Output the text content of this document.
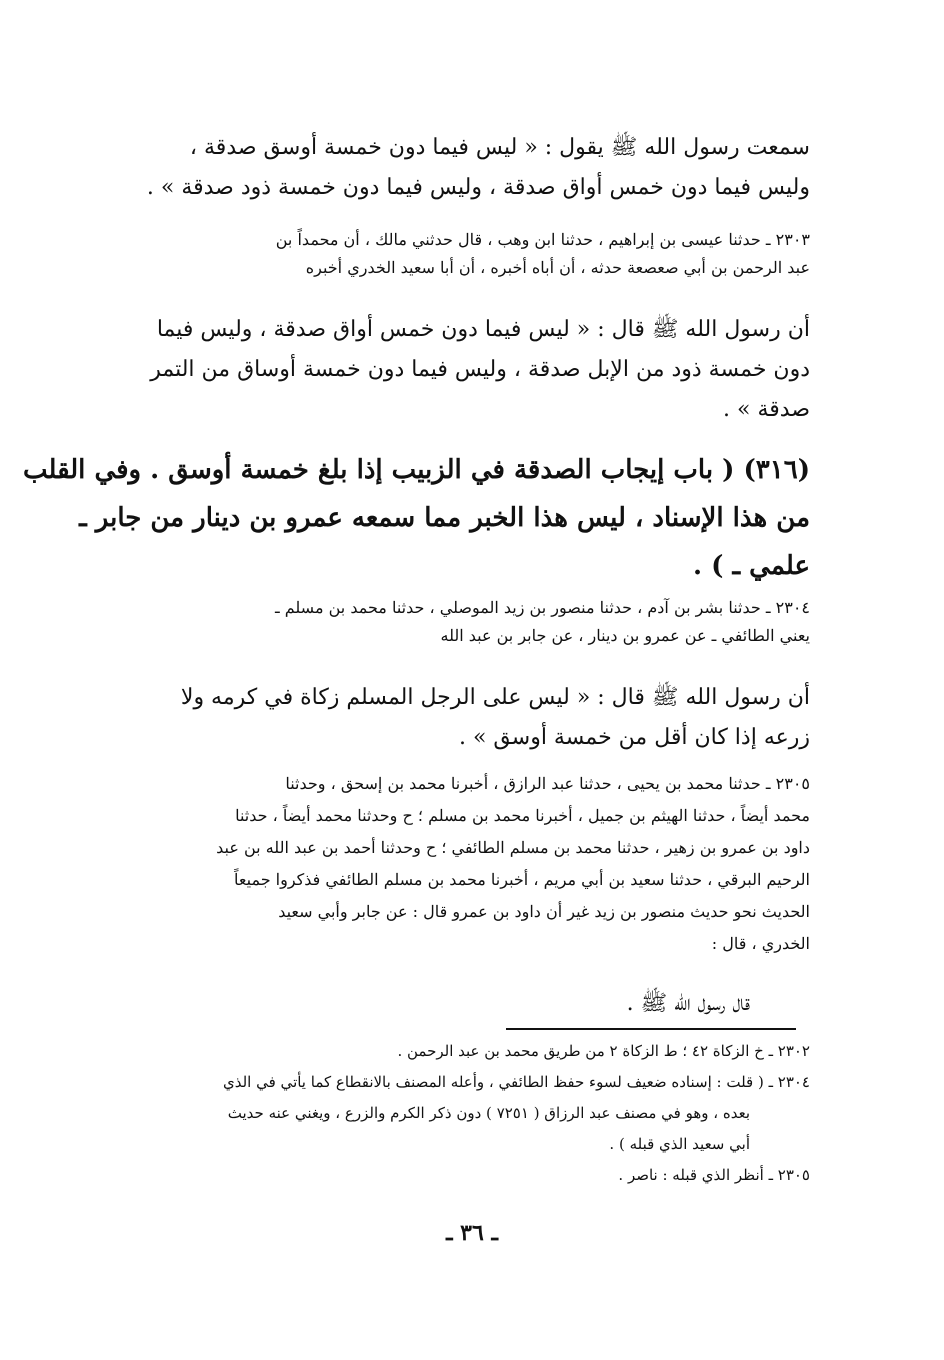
سمعت رسول الله ﷺ يقول : « ليس فيما دون خمسة أوسق صدقة ،
وليس فيما دون خمس أواق صدقة ، وليس فيما دون خمسة ذود صدقة » .
٢٣٠٣ ـ حدثنا عيسى بن إبراهيم ، حدثنا ابن وهب ، قال حدثني مالك ، أن محمداً بن
عبد الرحمن بن أبي صعصعة حدثه ، أن أباه أخبره ، أن أبا سعيد الخدري أخبره
أن رسول الله ﷺ قال : « ليس فيما دون خمس أواق صدقة ، وليس فيما
دون خمسة ذود من الإبل صدقة ، وليس فيما دون خمسة أوساق من التمر
صدقة » .
(٣١٦) ( باب إيجاب الصدقة في الزبيب إذا بلغ خمسة أوسق . وفي القلب
من هذا الإسناد ، ليس هذا الخبر مما سمعه عمرو بن دينار من جابر ـ
علمي ـ ) .
٢٣٠٤ ـ حدثنا بشر بن آدم ، حدثنا منصور بن زيد الموصلي ، حدثنا محمد بن مسلم ـ
يعني الطائفي ـ عن عمرو بن دينار ، عن جابر بن عبد الله
أن رسول الله ﷺ قال : « ليس على الرجل المسلم زكاة في كرمه ولا
زرعه إذا كان أقل من خمسة أوسق » .
٢٣٠٥ ـ حدثنا محمد بن يحيى ، حدثنا عبد الرازق ، أخبرنا محمد بن إسحق ، وحدثنا
محمد أيضاً ، حدثنا الهيثم بن جميل ، أخبرنا محمد بن مسلم ؛ ح وحدثنا محمد أيضاً ، حدثنا
داود بن عمرو بن زهير ، حدثنا محمد بن مسلم الطائفي ؛ ح وحدثنا أحمد بن عبد الله بن عبد
الرحيم البرقي ، حدثنا سعيد بن أبي مريم ، أخبرنا محمد بن مسلم الطائفي فذكروا جميعاً
الحديث نحو حديث منصور بن زيد غير أن داود بن عمرو قال : عن جابر وأبي سعيد
الخدري ، قال :
قال رسول الله ﷺ .
٢٣٠٢ ـ خ الزكاة ٤٢ ؛ ط الزكاة ٢ من طريق محمد بن عبد الرحمن .
٢٣٠٤ ـ ( قلت : إسناده ضعيف لسوء حفظ الطائفي ، وأعله المصنف بالانقطاع كما يأتي في الذي
بعده ، وهو في مصنف عبد الرزاق ( ٧٢٥١ ) دون ذكر الكرم والزرع ، ويغني عنه حديث
أبي سعيد الذي قبله ) .
٢٣٠٥ ـ أنظر الذي قبله : ناصر .
ـ ٣٦ ـ
